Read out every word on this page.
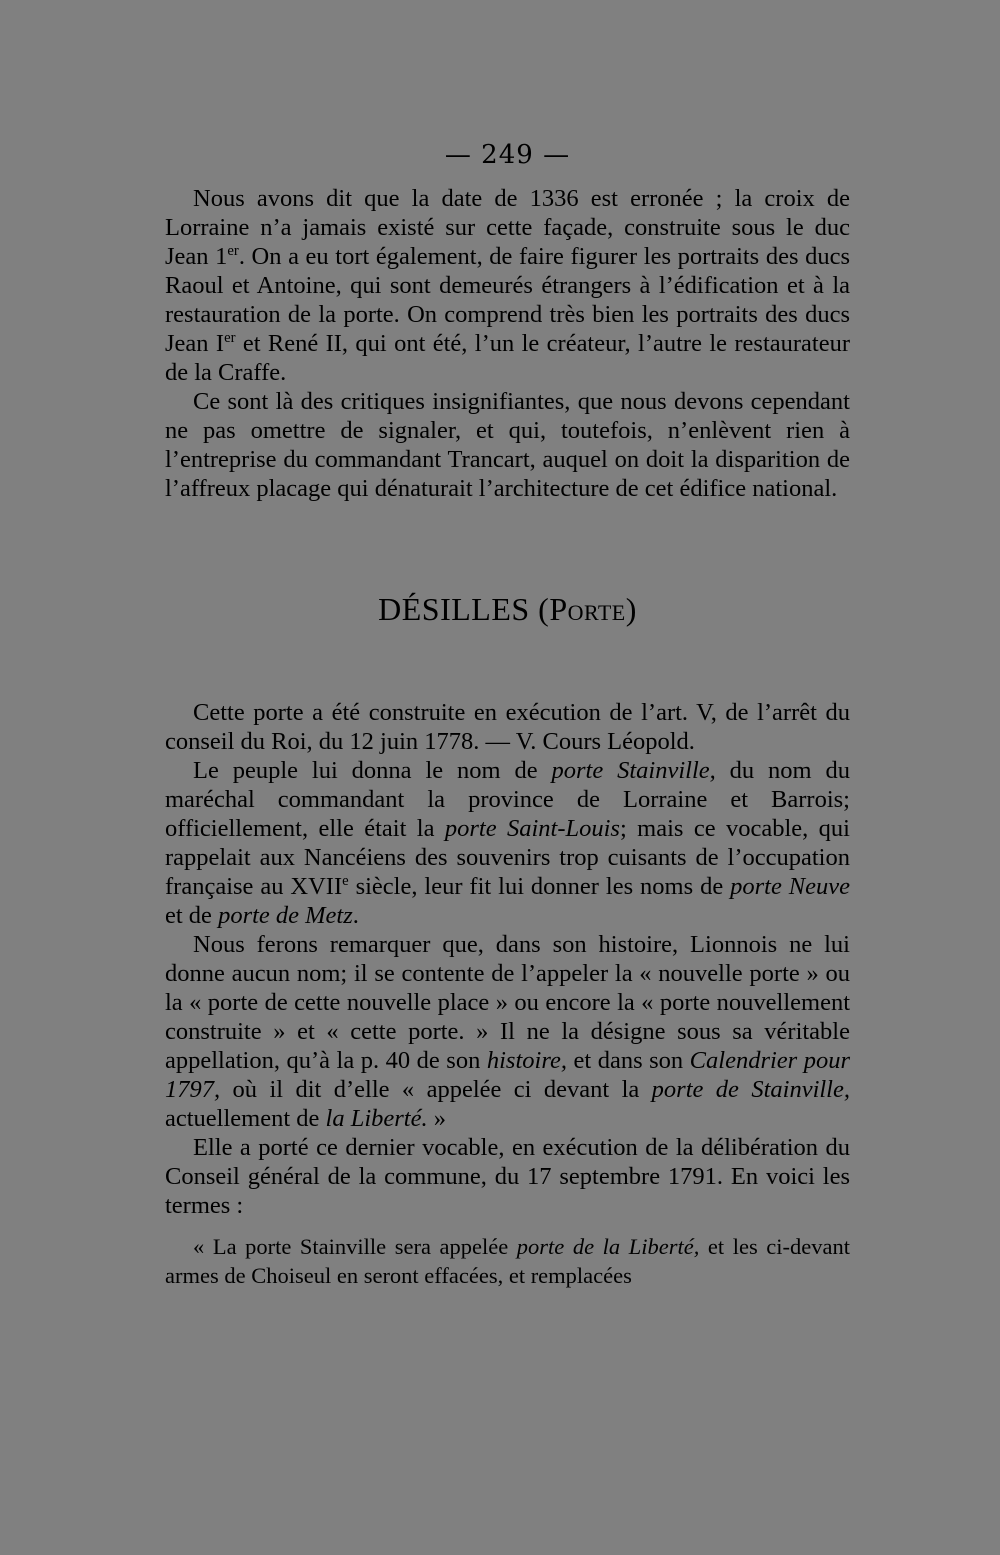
— 249 —

Nous avons dit que la date de 1336 est erronée ; la croix de Lorraine n’a jamais existé sur cette façade, construite sous le duc Jean 1er. On a eu tort également, de faire figurer les portraits des ducs Raoul et Antoine, qui sont demeurés étrangers à l’édification et à la restauration de la porte. On comprend très bien les portraits des ducs Jean Ier et René II, qui ont été, l’un le créateur, l’autre le restaurateur de la Craffe.

Ce sont là des critiques insignifiantes, que nous devons cependant ne pas omettre de signaler, et qui, toutefois, n’enlèvent rien à l’entreprise du commandant Trancart, auquel on doit la disparition de l’affreux placage qui dénaturait l’architecture de cet édifice national.

DÉSILLES (Porte)

Cette porte a été construite en exécution de l’art. V, de l’arrêt du conseil du Roi, du 12 juin 1778. — V. Cours Léopold.

Le peuple lui donna le nom de porte Stainville, du nom du maréchal commandant la province de Lorraine et Barrois; officiellement, elle était la porte Saint-Louis; mais ce vocable, qui rappelait aux Nancéiens des souvenirs trop cuisants de l’occupation française au XVIIe siècle, leur fit lui donner les noms de porte Neuve et de porte de Metz.

Nous ferons remarquer que, dans son histoire, Lionnois ne lui donne aucun nom; il se contente de l’appeler la « nouvelle porte » ou la « porte de cette nouvelle place » ou encore la « porte nouvellement construite » et « cette porte. » Il ne la désigne sous sa véritable appellation, qu’à la p. 40 de son histoire, et dans son Calendrier pour 1797, où il dit d’elle « appelée ci devant la porte de Stainville, actuellement de la Liberté. »

Elle a porté ce dernier vocable, en exécution de la délibération du Conseil général de la commune, du 17 septembre 1791. En voici les termes :

« La porte Stainville sera appelée porte de la Liberté, et les ci-devant armes de Choiseul en seront effacées, et remplacées
